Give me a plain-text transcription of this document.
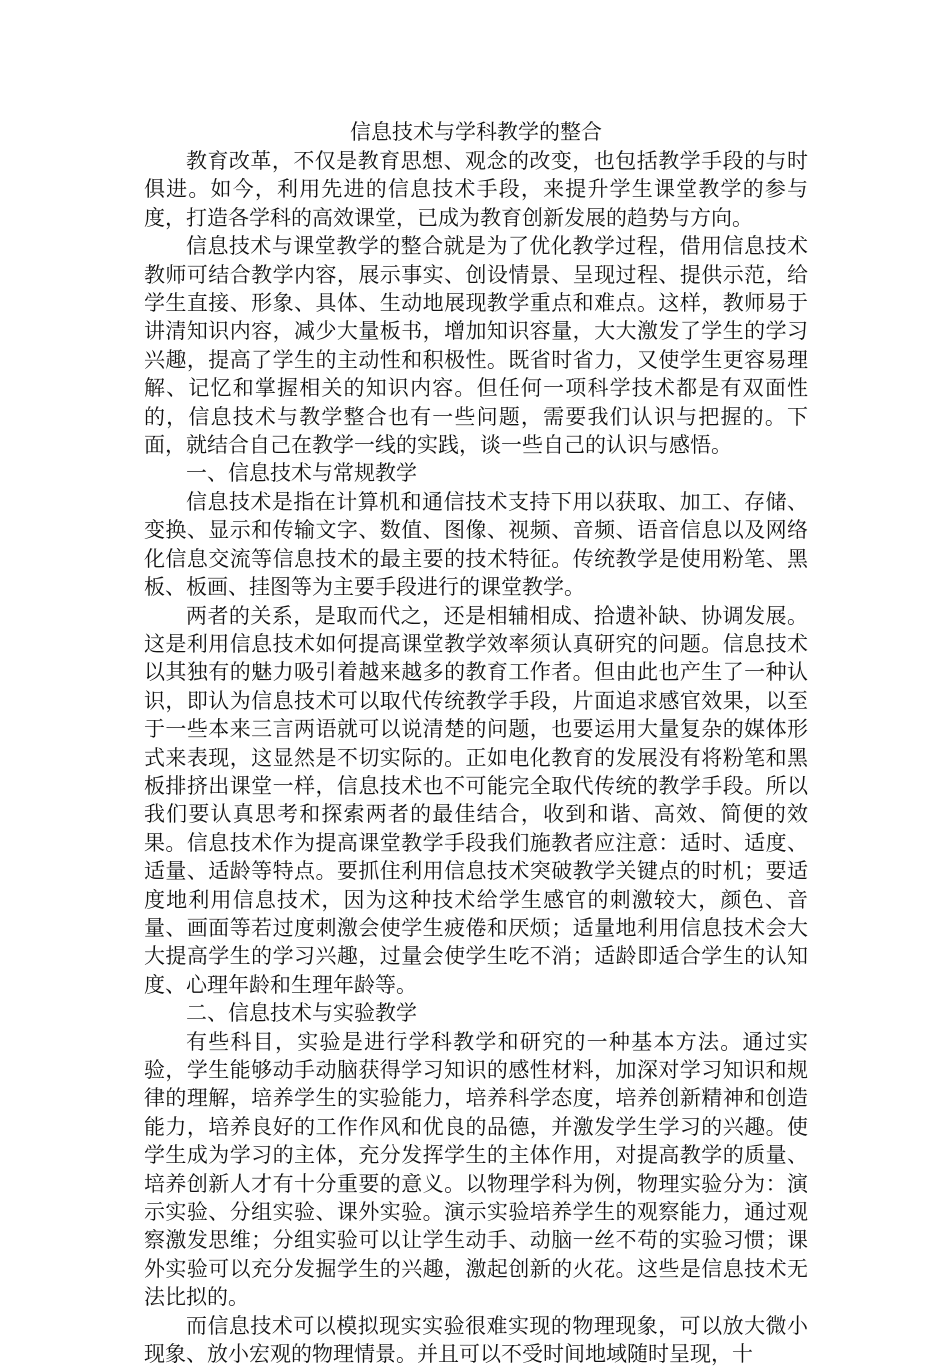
信息技术与学科教学的整合

教育改革，不仅是教育思想、观念的改变，也包括教学手段的与时俱进。如今，利用先进的信息技术手段，来提升学生课堂教学的参与度，打造各学科的高效课堂，已成为教育创新发展的趋势与方向。

信息技术与课堂教学的整合就是为了优化教学过程，借用信息技术教师可结合教学内容，展示事实、创设情景、呈现过程、提供示范，给学生直接、形象、具体、生动地展现教学重点和难点。这样，教师易于讲清知识内容，减少大量板书，增加知识容量，大大激发了学生的学习兴趣，提高了学生的主动性和积极性。既省时省力，又使学生更容易理解、记忆和掌握相关的知识内容。但任何一项科学技术都是有双面性的，信息技术与教学整合也有一些问题，需要我们认识与把握的。下面，就结合自己在教学一线的实践，谈一些自己的认识与感悟。

一、信息技术与常规教学

信息技术是指在计算机和通信技术支持下用以获取、加工、存储、变换、显示和传输文字、数值、图像、视频、音频、语音信息以及网络化信息交流等信息技术的最主要的技术特征。传统教学是使用粉笔、黑板、板画、挂图等为主要手段进行的课堂教学。

两者的关系，是取而代之，还是相辅相成、拾遗补缺、协调发展。这是利用信息技术如何提高课堂教学效率须认真研究的问题。信息技术以其独有的魅力吸引着越来越多的教育工作者。但由此也产生了一种认识，即认为信息技术可以取代传统教学手段，片面追求感官效果，以至于一些本来三言两语就可以说清楚的问题，也要运用大量复杂的媒体形式来表现，这显然是不切实际的。正如电化教育的发展没有将粉笔和黑板排挤出课堂一样，信息技术也不可能完全取代传统的教学手段。所以我们要认真思考和探索两者的最佳结合，收到和谐、高效、简便的效果。信息技术作为提高课堂教学手段我们施教者应注意：适时、适度、适量、适龄等特点。要抓住利用信息技术突破教学关键点的时机；要适度地利用信息技术，因为这种技术给学生感官的刺激较大，颜色、音量、画面等若过度刺激会使学生疲倦和厌烦；适量地利用信息技术会大大提高学生的学习兴趣，过量会使学生吃不消；适龄即适合学生的认知度、心理年龄和生理年龄等。

二、信息技术与实验教学

有些科目，实验是进行学科教学和研究的一种基本方法。通过实验，学生能够动手动脑获得学习知识的感性材料，加深对学习知识和规律的理解，培养学生的实验能力，培养科学态度，培养创新精神和创造能力，培养良好的工作作风和优良的品德，并激发学生学习的兴趣。使学生成为学习的主体，充分发挥学生的主体作用，对提高教学的质量、培养创新人才有十分重要的意义。以物理学科为例，物理实验分为：演示实验、分组实验、课外实验。演示实验培养学生的观察能力，通过观察激发思维；分组实验可以让学生动手、动脑一丝不苟的实验习惯；课外实验可以充分发掘学生的兴趣，激起创新的火花。这些是信息技术无法比拟的。

而信息技术可以模拟现实实验很难实现的物理现象，可以放大微小现象、放小宏观的物理情景。并且可以不受时间地域随时呈现，十
